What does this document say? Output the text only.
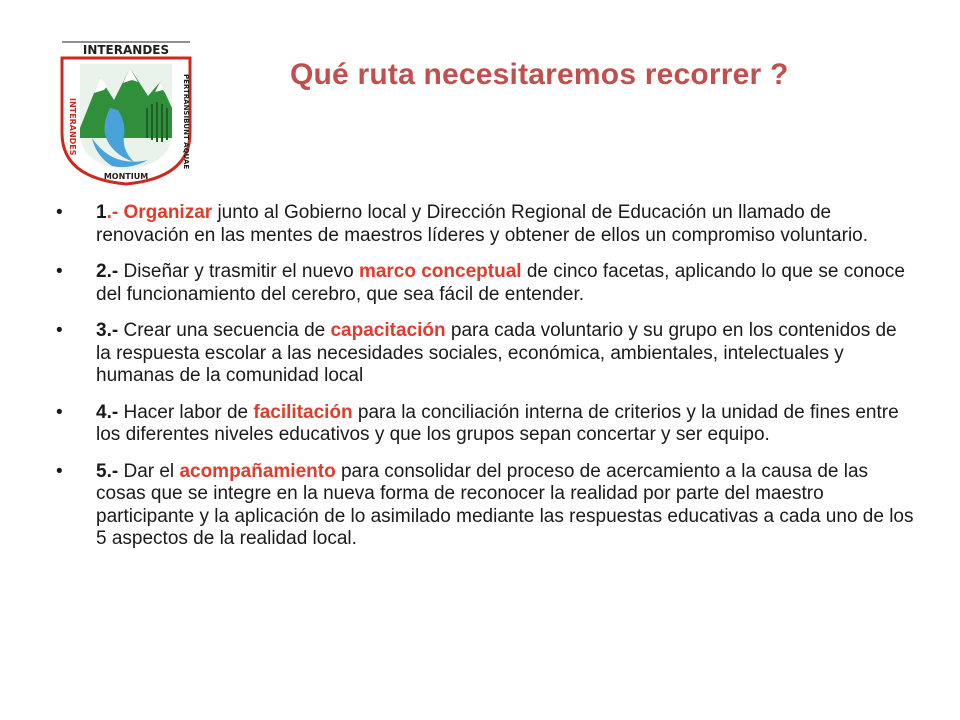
INTERANDES
INTERANDES
MONTIUM
PERTRANSIBUNT AQUAE	Qué ruta necesitaremos recorrer ?
•	1.- Organizar junto al Gobierno local y Dirección Regional de Educación un llamado de renovación en las mentes de maestros líderes y obtener de ellos un compromiso voluntario.
•	2.- Diseñar y trasmitir el nuevo marco conceptual de cinco facetas, aplicando lo que se conoce del funcionamiento del cerebro, que sea fácil de entender.
•	3.- Crear una secuencia de capacitación para cada voluntario y su grupo en los contenidos de la respuesta escolar a las necesidades sociales, económica, ambientales, intelectuales y humanas de la comunidad local
•	4.- Hacer labor de facilitación para la conciliación interna de criterios y la unidad de fines entre los diferentes niveles educativos y que los grupos sepan concertar y ser equipo.
•	5.- Dar el acompañamiento para consolidar del proceso de acercamiento a la causa de las cosas que se integre en la nueva forma de reconocer la realidad por parte del maestro participante y la aplicación de lo asimilado mediante las respuestas educativas a cada uno de los 5 aspectos de la realidad local.
